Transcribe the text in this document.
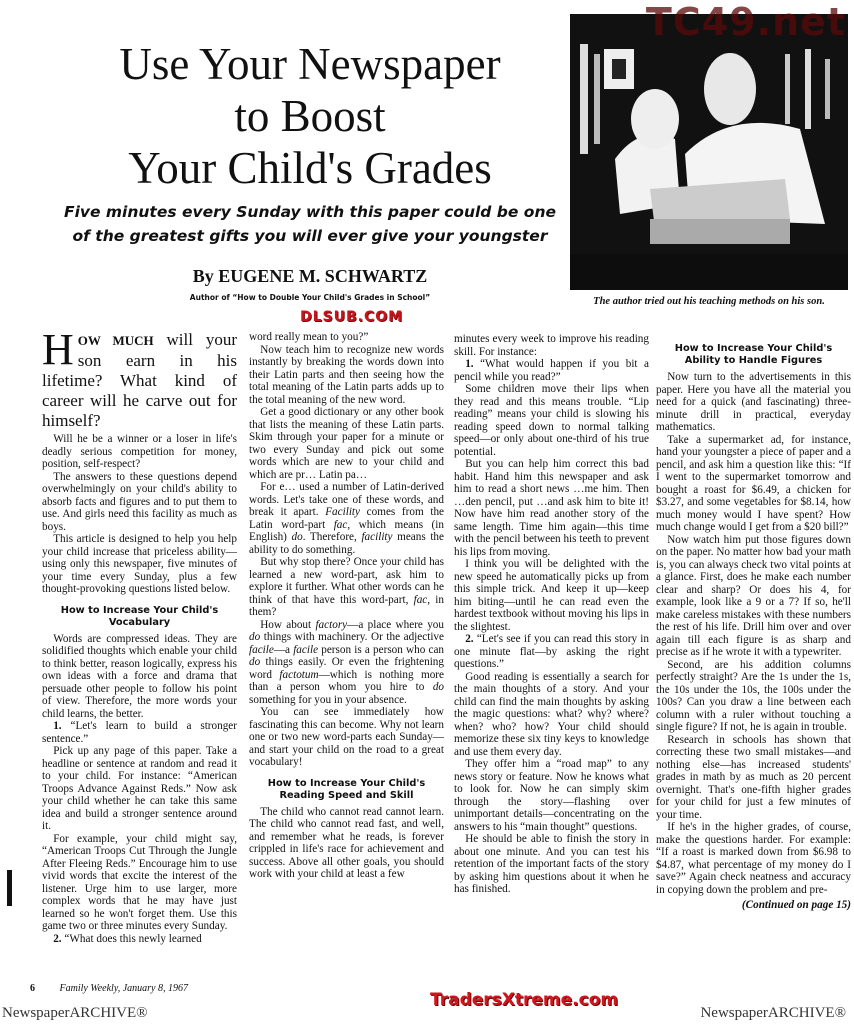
Use Your Newspaper
to Boost
Your Child's Grades
Five minutes every Sunday with this paper could be one
of the greatest gifts you will ever give your youngster
By EUGENE M. SCHWARTZ
Author of “How to Double Your Child's Grades in School”	The author tried out his teaching methods on his son.

HOW MUCH will your son earn in his lifetime? What kind of career will he carve out for himself?

Will he be a winner or a loser in life's deadly serious competition for money, position, self-respect?

The answers to these questions depend overwhelmingly on your child's ability to absorb facts and figures and to put them to use. And girls need this facility as much as boys.

This article is designed to help you help your child increase that priceless ability—using only this newspaper, five minutes of your time every Sunday, plus a few thought-provoking questions listed below.

How to Increase Your Child's Vocabulary

Words are compressed ideas. They are solidified thoughts which enable your child to think better, reason logically, express his own ideas with a force and drama that persuade other people to follow his point of view. Therefore, the more words your child learns, the better.

1. “Let's learn to build a stronger sentence.”

Pick up any page of this paper. Take a headline or sentence at random and read it to your child. For instance: “American Troops Advance Against Reds.” Now ask your child whether he can take this same idea and build a stronger sentence around it.

For example, your child might say, “American Troops Cut Through the Jungle After Fleeing Reds.” Encourage him to use vivid words that excite the interest of the listener. Urge him to use larger, more complex words that he may have just learned so he won't forget them. Use this game two or three minutes every Sunday.

2. “What does this newly learned

word really mean to you?”

Now teach him to recognize new words instantly by breaking the words down into their Latin parts and then seeing how the total meaning of the Latin parts adds up to the total meaning of the new word.

Get a good dictionary or any other book that lists the meaning of these Latin parts. Skim through your paper for a minute or two every Sunday and pick out some words which are new to your child and which are pr… Latin pa…

For e… used a number of Latin-derived words. Let's take one of these words, and break it apart. Facility comes from the Latin word-part fac, which means (in English) do. Therefore, facility means the ability to do something.

But why stop there? Once your child has learned a new word-part, ask him to explore it further. What other words can he think of that have this word-part, fac, in them?

How about factory—a place where you do things with machinery. Or the adjective facile—a facile person is a person who can do things easily. Or even the frightening word factotum—which is nothing more than a person whom you hire to do something for you in your absence.

You can see immediately how fascinating this can become. Why not learn one or two new word-parts each Sunday—and start your child on the road to a great vocabulary!

How to Increase Your Child's Reading Speed and Skill

The child who cannot read cannot learn. The child who cannot read fast, and well, and remember what he reads, is forever crippled in life's race for achievement and success. Above all other goals, you should work with your child at least a few

minutes every week to improve his reading skill. For instance:

1. “What would happen if you bit a pencil while you read?”

Some children move their lips when they read and this means trouble. “Lip reading” means your child is slowing his reading speed down to normal talking speed—or only about one-third of his true potential.

But you can help him correct this bad habit. Hand him this newspaper and ask him to read a short news …me him. Then …den pencil, put …and ask him to bite it! Now have him read another story of the same length. Time him again—this time with the pencil between his teeth to prevent his lips from moving.

I think you will be delighted with the new speed he automatically picks up from this simple trick. And keep it up—keep him biting—until he can read even the hardest textbook without moving his lips in the slightest.

2. “Let's see if you can read this story in one minute flat—by asking the right questions.”

Good reading is essentially a search for the main thoughts of a story. And your child can find the main thoughts by asking the magic questions: what? why? where? when? who? how? Your child should memorize these six tiny keys to knowledge and use them every day.

They offer him a “road map” to any news story or feature. Now he knows what to look for. Now he can simply skim through the story—flashing over unimportant details—concentrating on the answers to his “main thought” questions.

He should be able to finish the story in about one minute. And you can test his retention of the important facts of the story by asking him questions about it when he has finished.

How to Increase Your Child's Ability to Handle Figures

Now turn to the advertisements in this paper. Here you have all the material you need for a quick (and fascinating) three-minute drill in practical, everyday mathematics.

Take a supermarket ad, for instance, hand your youngster a piece of paper and a pencil, and ask him a question like this: “If I went to the supermarket tomorrow and bought a roast for $6.49, a chicken for $3.27, and some vegetables for $8.14, how much money would I have spent? How much change would I get from a $20 bill?”

Now watch him put those figures down on the paper. No matter how bad your math is, you can always check two vital points at a glance. First, does he make each number clear and sharp? Or does his 4, for example, look like a 9 or a 7? If so, he'll make careless mistakes with these numbers the rest of his life. Drill him over and over again till each figure is as sharp and precise as if he wrote it with a typewriter.

Second, are his addition columns perfectly straight? Are the 1s under the 1s, the 10s under the 10s, the 100s under the 100s? Can you draw a line between each column with a ruler without touching a single figure? If not, he is again in trouble.

Research in schools has shown that correcting these two small mistakes—and nothing else—has increased students' grades in math by as much as 20 percent overnight. That's one-fifth higher grades for your child for just a few minutes of your time.

If he's in the higher grades, of course, make the questions harder. For example: “If a roast is marked down from $6.98 to $4.87, what percentage of my money do I save?” Again check neatness and accuracy in copying down the problem and pre-

(Continued on page 15)

6 Family Weekly, January 8, 1967
TC49.net
DLSUB.COM
TradersXtreme.com
NewspaperARCHIVE®	NewspaperARCHIVE®
